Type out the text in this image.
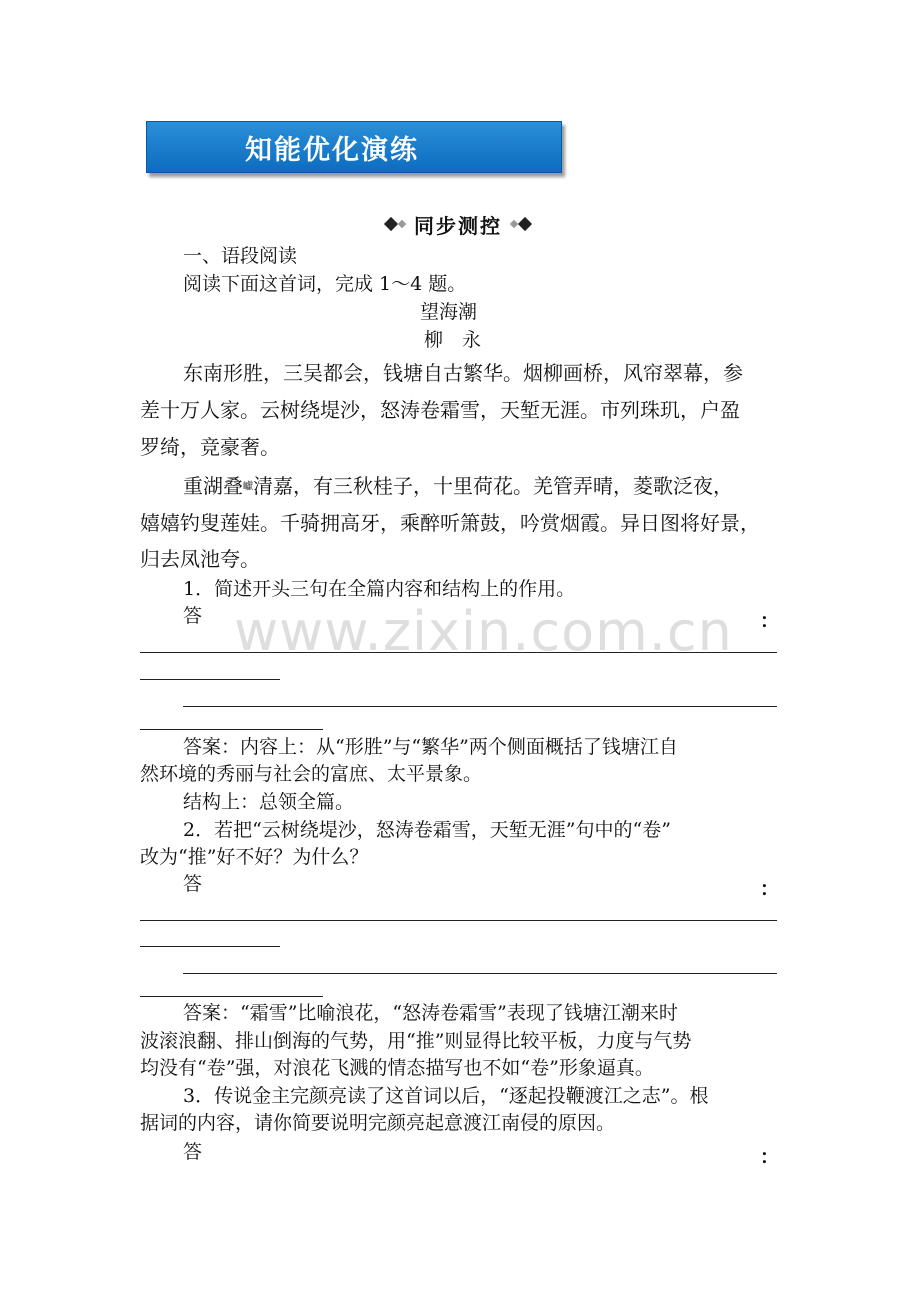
知能优化演练
同步测控
一、语段阅读
阅读下面这首词，完成 1～4 题。
望海潮
柳　永
东南形胜，三吴都会，钱塘自古繁华。烟柳画桥，风帘翠幕，参
差十万人家。云树绕堤沙，怒涛卷霜雪，天堑无涯。市列珠玑，户盈
罗绮，竞豪奢。
重湖叠巘清嘉，有三秋桂子，十里荷花。羌管弄晴，菱歌泛夜，
嬉嬉钓叟莲娃。千骑拥高牙，乘醉听箫鼓，吟赏烟霞。异日图将好景，
归去凤池夸。
1．简述开头三句在全篇内容和结构上的作用。
答	：
www.zixin.com.cn
答案：内容上：从“形胜”与“繁华”两个侧面概括了钱塘江自
然环境的秀丽与社会的富庶、太平景象。
结构上：总领全篇。
2．若把“云树绕堤沙，怒涛卷霜雪，天堑无涯”句中的“卷”
改为“推”好不好？为什么？
答	：
答案：“霜雪”比喻浪花，“怒涛卷霜雪”表现了钱塘江潮来时
波滚浪翻、排山倒海的气势，用“推”则显得比较平板，力度与气势
均没有“卷”强，对浪花飞溅的情态描写也不如“卷”形象逼真。
3．传说金主完颜亮读了这首词以后，“逐起投鞭渡江之志”。根
据词的内容，请你简要说明完颜亮起意渡江南侵的原因。
答	：
